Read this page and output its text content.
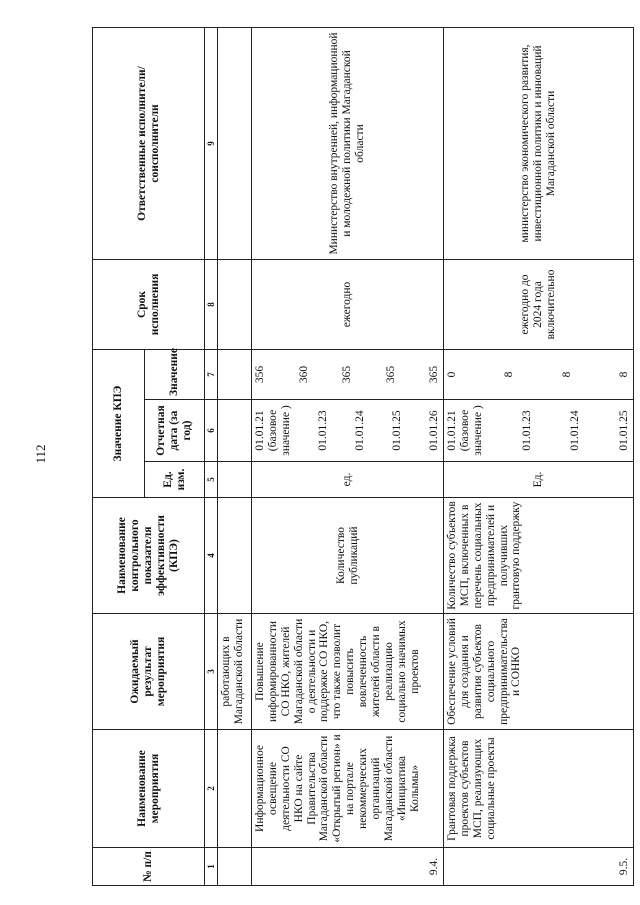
112
№ п/п	Наименование мероприятия	Ожидаемый результат мероприятия	Наименование контрольного показателя эффективности (КПЭ)	Значение КПЭ			Срок исполнения	Ответственные исполнители/ соисполнители
				Ед. изм.	Отчетная дата (за год)	Значение		
1	2	3	4	5	6	7	8	9
		работающих в Магаданской области						
9.4.	Информационное освещение деятельности СО НКО на сайте Правительства Магаданской области «Открытый регион» и на портале некоммерческих организаций Магаданской области «Инициатива Колымы»	Повышение информированности СО НКО, жителей Магаданской области о деятельности и поддержке СО НКО, что также позволит повысить вовлеченность жителей области в реализацию социально значимых проектов	Количество публикаций	ед.	01.01.21 (базовое значение ) 01.01.23 01.01.24 01.01.25 01.01.26	356 360 365 365 365	ежегодно	Министерство внутренней, информационной и молодежной политики Магаданской области
9.5.	Грантовая поддержка проектов субъектов МСП, реализующих социальные проекты	Обеспечение условий для создания и развития субъектов социального предпринимательства и СОНКО	Количество субъектов МСП, включенных в перечень социальных предпринимателей и получивших грантовую поддержку	Ед.	01.01.21 (базовое значение ) 01.01.23 01.01.24 01.01.25	0 8 8 8	ежегодно до 2024 года включительно	министерство экономического развития, инвестиционной политики и инноваций Магаданской области
